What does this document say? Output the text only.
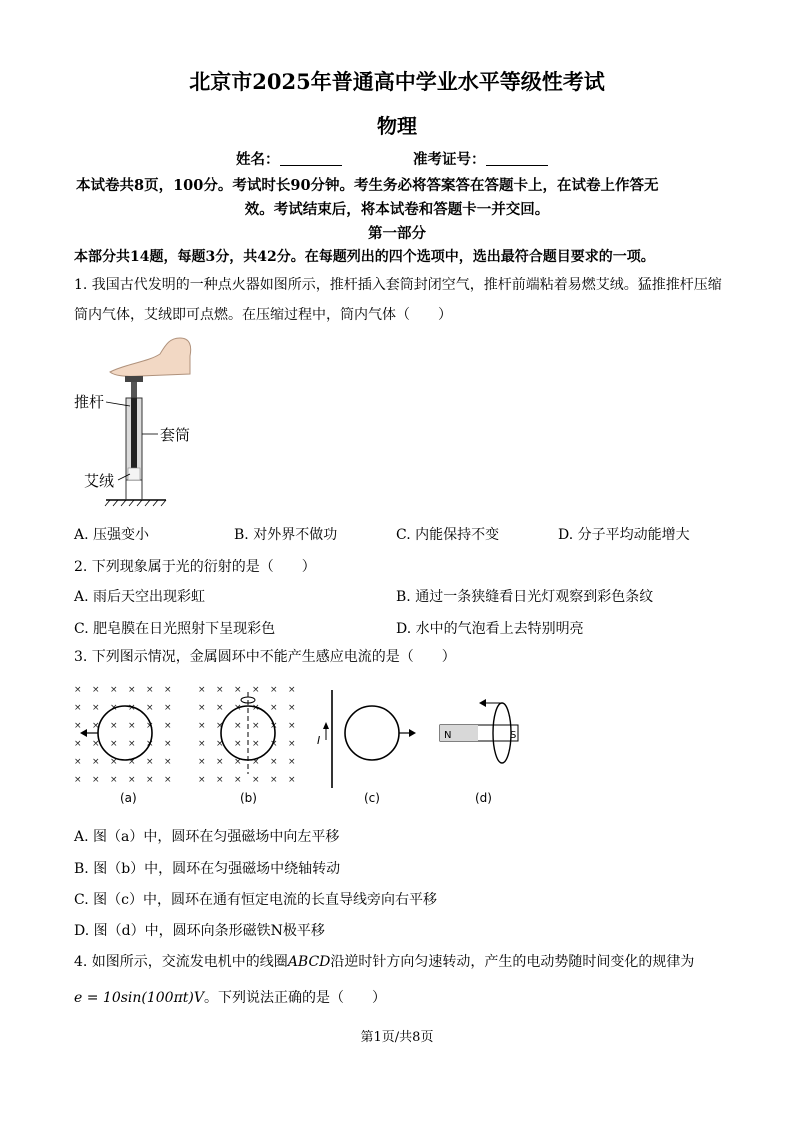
北京市2025年普通高中学业水平等级性考试
物理
姓名：	准考证号：
本试卷共8页，100分。考试时长90分钟。考生务必将答案答在答题卡上，在试卷上作答无
效。考试结束后，将本试卷和答题卡一并交回。
第一部分
本部分共14题，每题3分，共42分。在每题列出的四个选项中，选出最符合题目要求的一项。
1. 我国古代发明的一种点火器如图所示，推杆插入套筒封闭空气，推杆前端粘着易燃艾绒。猛推推杆压缩
筒内气体，艾绒即可点燃。在压缩过程中，筒内气体（　　）
推杆
套筒
艾绒
A. 压强变小	B. 对外界不做功	C. 内能保持不变	D. 分子平均动能增大
2. 下列现象属于光的衍射的是（　　）
A. 雨后天空出现彩虹	B. 通过一条狭缝看日光灯观察到彩色条纹
C. 肥皂膜在日光照射下呈现彩色	D. 水中的气泡看上去特别明亮
3. 下列图示情况，金属圆环中不能产生感应电流的是（　　）
× × × × × ×
× × × × × ×
× × × × × ×
× × × × × ×
× × × × × ×
× × × × × ×
(a)
× × × × × ×
× × × × × ×
× × × × × ×
× × × × × ×
× × × × × ×
× × × × × ×
(b)
I
(c)
N	S
(d)
A. 图（a）中，圆环在匀强磁场中向左平移
B. 图（b）中，圆环在匀强磁场中绕轴转动
C. 图（c）中，圆环在通有恒定电流的长直导线旁向右平移
D. 图（d）中，圆环向条形磁铁N极平移
4. 如图所示，交流发电机中的线圈ABCD沿逆时针方向匀速转动，产生的电动势随时间变化的规律为
e = 10sin(100πt)V。下列说法正确的是（　　）
第1页/共8页
